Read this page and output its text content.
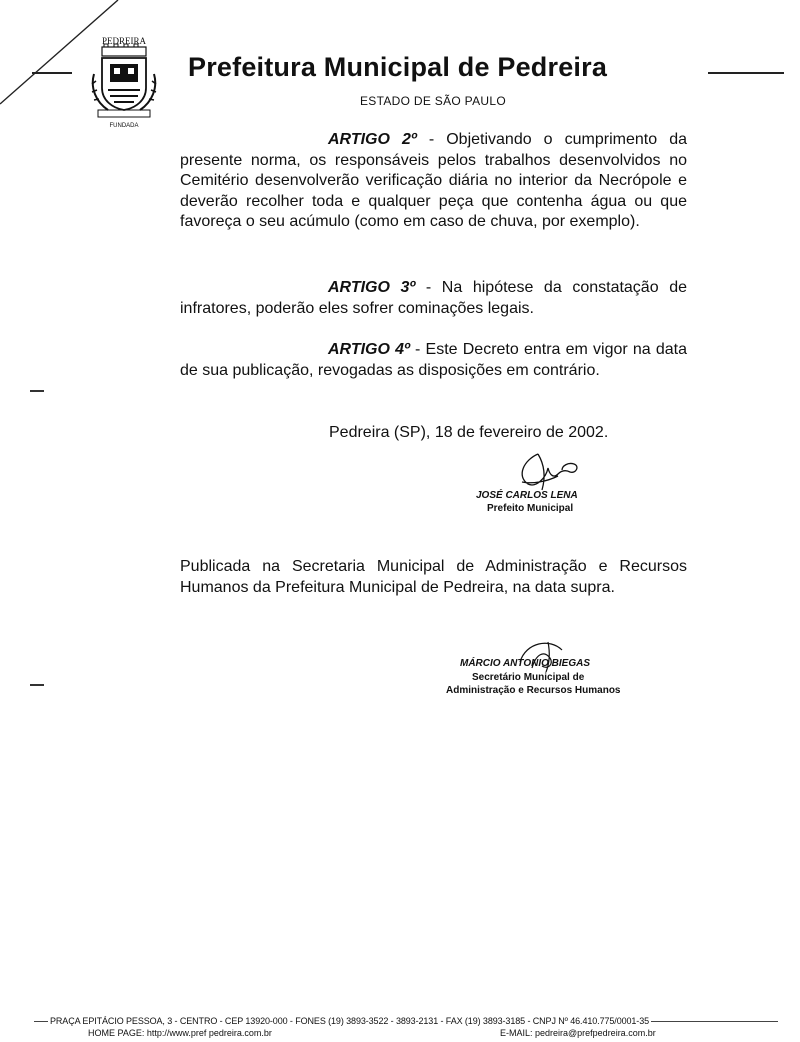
PEDREIRA
FUNDADA
Prefeitura Municipal de Pedreira
ESTADO DE SÃO PAULO
ARTIGO 2º - Objetivando o cumprimento da presente norma, os responsáveis pelos trabalhos desenvolvidos no Cemitério desenvolverão verificação diária no interior da Necrópole e deverão recolher toda e qualquer peça que contenha água ou que favoreça o seu acúmulo (como em caso de chuva, por exemplo).
ARTIGO 3º - Na hipótese da constatação de infratores, poderão eles sofrer cominações legais.
ARTIGO 4º - Este Decreto entra em vigor na data de sua publicação, revogadas as disposições em contrário.
Pedreira (SP), 18 de fevereiro de 2002.
JOSÉ CARLOS LENA
Prefeito Municipal
Publicada na Secretaria Municipal de Administração e Recursos Humanos da Prefeitura Municipal de Pedreira, na data supra.
MÁRCIO ANTONIO BIEGAS
Secretário Municipal de
Administração e Recursos Humanos
PRAÇA EPITÁCIO PESSOA, 3 - CENTRO - CEP 13920-000 - FONES (19) 3893-3522 - 3893-2131 - FAX (19) 3893-3185 - CNPJ Nº 46.410.775/0001-35
HOME PAGE: http://www.pref pedreira.com.br	E-MAIL: pedreira@prefpedreira.com.br
